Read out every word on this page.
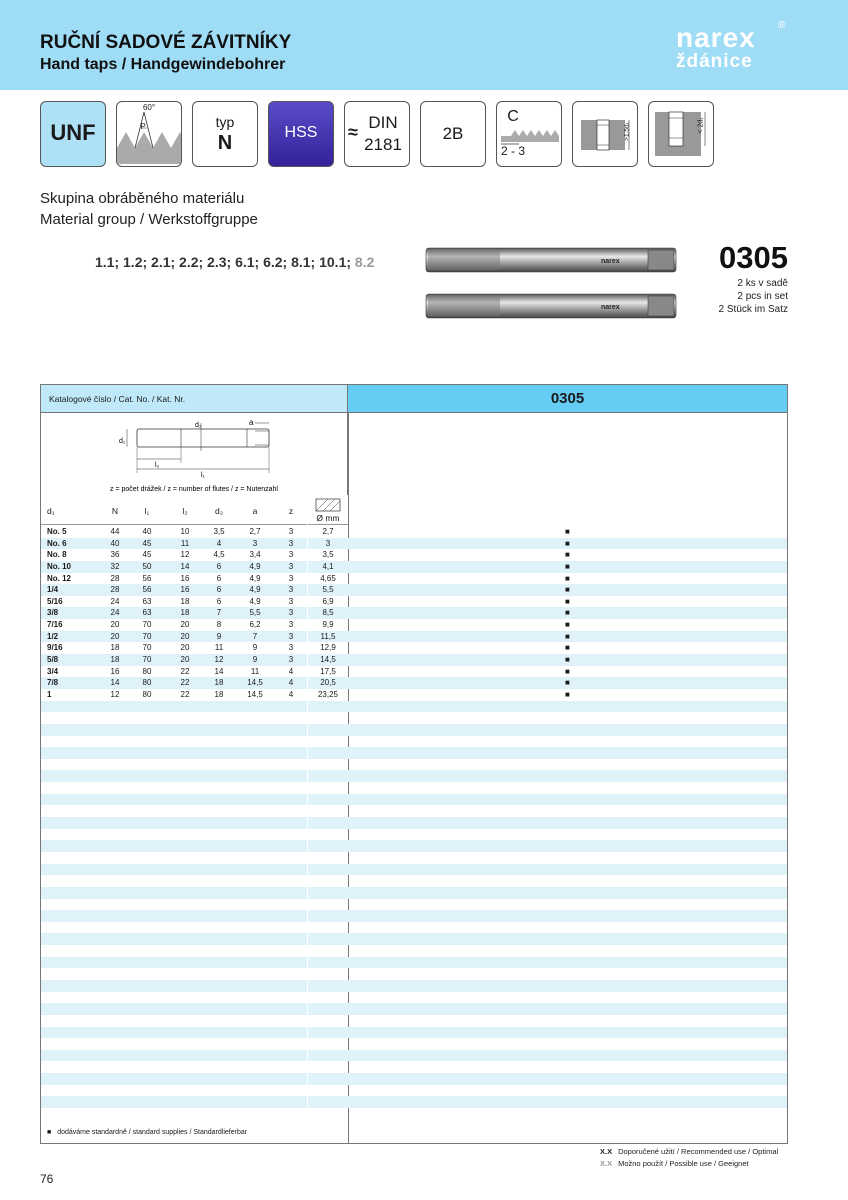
RUČNÍ SADOVÉ ZÁVITNÍKY
Hand taps / Handgewindebohrer
narex
ždánice
®
UNF
60°
P	typ
N	HSS	≈ DIN
2181
2B
C
2 - 3
>1,5d₁	< 2d₁
Skupina obráběného materiálu
Material group / Werkstoffgruppe
1.1; 1.2; 2.1; 2.2; 2.3; 6.1; 6.2; 8.1; 10.1; 8.2	narex
narex
0305
2 ks v sadě
2 pcs in set
2 Stück im Satz
Katalogové číslo / Cat. No. / Kat. Nr.	0305
a
d₁
d₂
l₂
l₁
z = počet drážek / z = number of flutes / z = Nutenzahl
d₁	N	l₁	l₂	d₂	a	z
Ø mm
No. 5	44	40	10	3,5	2,7	3	2,7	■
No. 6	40	45	11	4	3	3	3	■
No. 8	36	45	12	4,5	3,4	3	3,5	■
No. 10	32	50	14	6	4,9	3	4,1	■
No. 12	28	56	16	6	4,9	3	4,65	■
1/4	28	56	16	6	4,9	3	5,5	■
5/16	24	63	18	6	4,9	3	6,9	■
3/8	24	63	18	7	5,5	3	8,5	■
7/16	20	70	20	8	6,2	3	9,9	■
1/2	20	70	20	9	7	3	11,5	■
9/16	18	70	20	11	9	3	12,9	■
5/8	18	70	20	12	9	3	14,5	■
3/4	16	80	22	14	11	4	17,5	■
7/8	14	80	22	18	14,5	4	20,5	■
1	12	80	22	18	14,5	4	23,25	■
■ dodáváme standardně / standard supplies / Standardlieferbar
X.X Doporučené užití / Recommended use / Optimal
X.X Možno použít / Possible use / Geeignet
76
